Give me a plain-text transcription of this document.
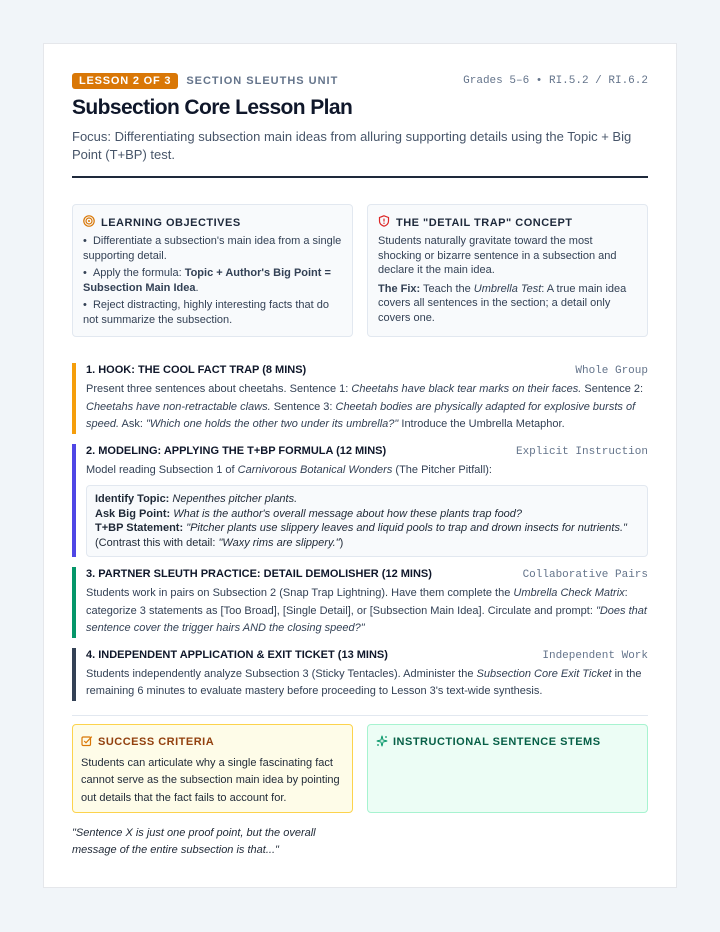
LESSON 2 OF 3	SECTION SLEUTHS UNIT	Grades 5–6 • RI.5.2 / RI.6.2
Subsection Core Lesson Plan
Focus: Differentiating subsection main ideas from alluring supporting details using the Topic + Big Point (T+BP) test.
LEARNING OBJECTIVES
•  Differentiate a subsection's main idea from a single supporting detail.
•  Apply the formula: Topic + Author's Big Point = Subsection Main Idea.
•  Reject distracting, highly interesting facts that do not summarize the subsection.
THE "DETAIL TRAP" CONCEPT

Students naturally gravitate toward the most shocking or bizarre sentence in a subsection and declare it the main idea.

The Fix: Teach the Umbrella Test: A true main idea covers all sentences in the section; a detail only covers one.

1. HOOK: THE COOL FACT TRAP (8 MINS)	Whole Group
Present three sentences about cheetahs. Sentence 1: Cheetahs have black tear marks on their faces. Sentence 2: Cheetahs have non-retractable claws. Sentence 3: Cheetah bodies are physically adapted for explosive bursts of speed. Ask: "Which one holds the other two under its umbrella?" Introduce the Umbrella Metaphor.
2. MODELING: APPLYING THE T+BP FORMULA (12 MINS)	Explicit Instruction
Model reading Subsection 1 of Carnivorous Botanical Wonders (The Pitcher Pitfall):
Identify Topic: Nepenthes pitcher plants.
Ask Big Point: What is the author's overall message about how these plants trap food?
T+BP Statement: "Pitcher plants use slippery leaves and liquid pools to trap and drown insects for nutrients."
(Contrast this with detail: "Waxy rims are slippery.")
3. PARTNER SLEUTH PRACTICE: DETAIL DEMOLISHER (12 MINS)	Collaborative Pairs
Students work in pairs on Subsection 2 (Snap Trap Lightning). Have them complete the Umbrella Check Matrix: categorize 3 statements as [Too Broad], [Single Detail], or [Subsection Main Idea]. Circulate and prompt: "Does that sentence cover the trigger hairs AND the closing speed?"
4. INDEPENDENT APPLICATION & EXIT TICKET (13 MINS)	Independent Work
Students independently analyze Subsection 3 (Sticky Tentacles). Administer the Subsection Core Exit Ticket in the remaining 6 minutes to evaluate mastery before proceeding to Lesson 3's text-wide synthesis.
SUCCESS CRITERIA
Students can articulate why a single fascinating fact cannot serve as the subsection main idea by pointing out details that the fact fails to account for.
INSTRUCTIONAL SENTENCE STEMS
"Sentence X is just one proof point, but the overall message of the entire subsection is that..."
